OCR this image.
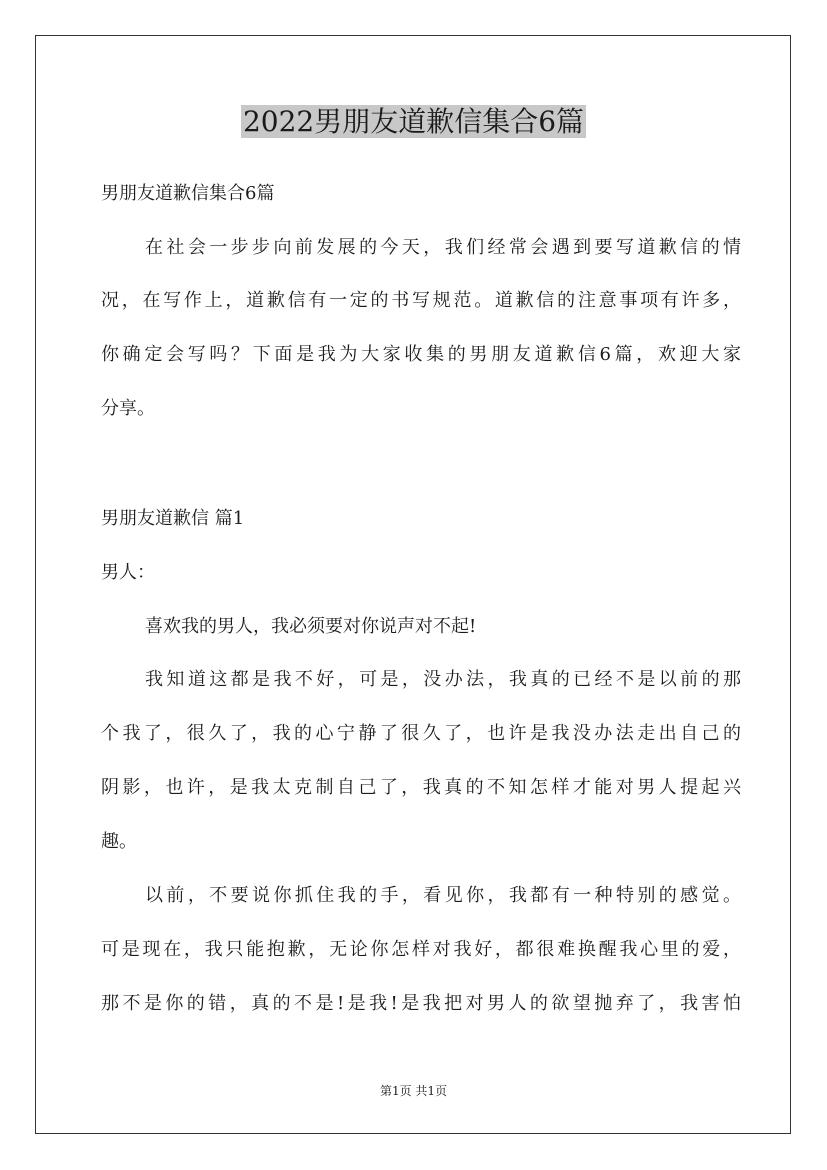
2022男朋友道歉信集合6篇

男朋友道歉信集合6篇

在社会一步步向前发展的今天，我们经常会遇到要写道歉信的情

况，在写作上，道歉信有一定的书写规范。道歉信的注意事项有许多，

你确定会写吗？下面是我为大家收集的男朋友道歉信6篇，欢迎大家

分享。

男朋友道歉信 篇1

男人：

喜欢我的男人，我必须要对你说声对不起!

我知道这都是我不好，可是，没办法，我真的已经不是以前的那

个我了，很久了，我的心宁静了很久了，也许是我没办法走出自己的

阴影，也许，是我太克制自己了，我真的不知怎样才能对男人提起兴

趣。

以前，不要说你抓住我的手，看见你，我都有一种特别的感觉。

可是现在，我只能抱歉，无论你怎样对我好，都很难换醒我心里的爱，

那不是你的错，真的不是!是我!是我把对男人的欲望抛弃了，我害怕

第1页 共1页
